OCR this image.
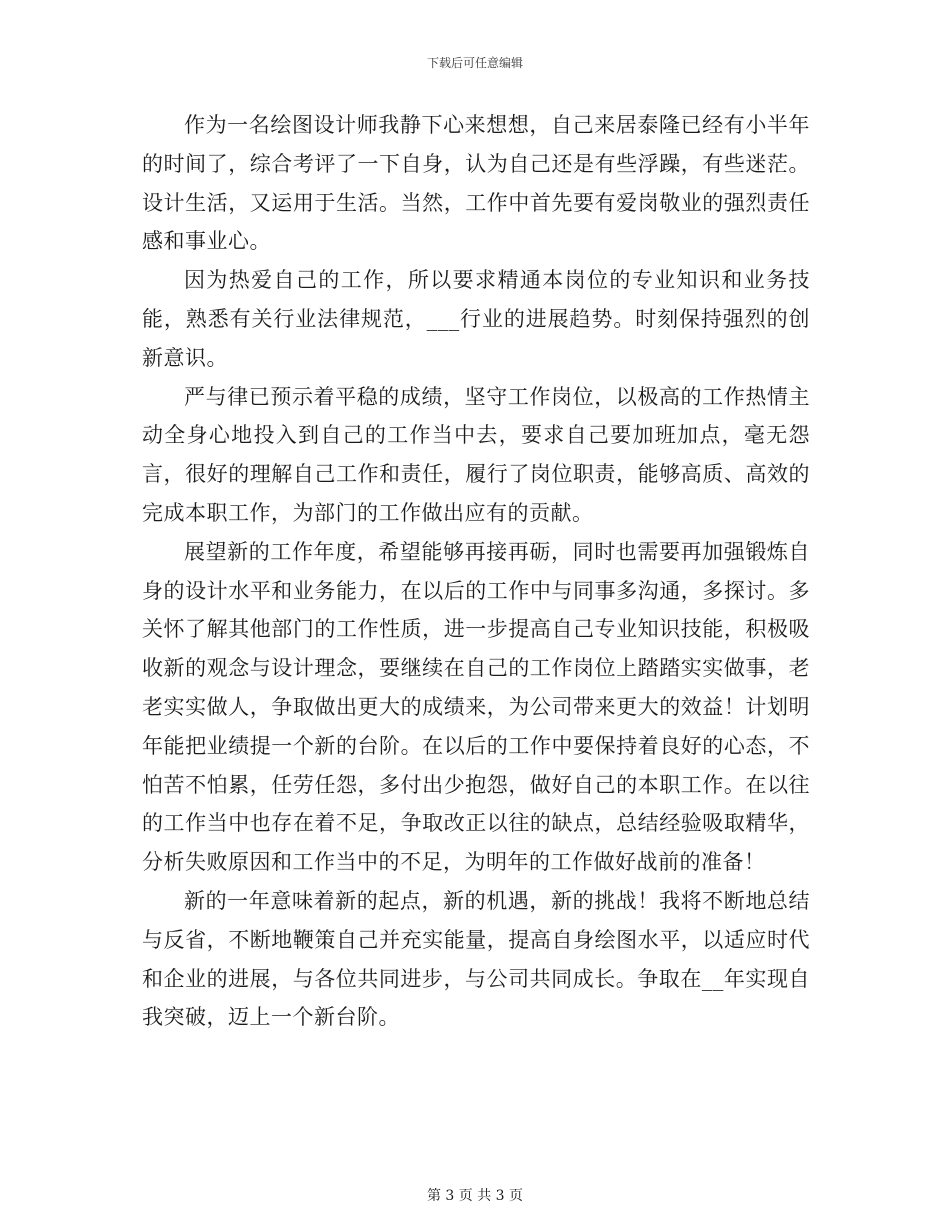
下载后可任意编辑

作为一名绘图设计师我静下心来想想，自己来居泰隆已经有小半年的时间了，综合考评了一下自身，认为自己还是有些浮躁，有些迷茫。设计生活，又运用于生活。当然，工作中首先要有爱岗敬业的强烈责任感和事业心。

因为热爱自己的工作，所以要求精通本岗位的专业知识和业务技能，熟悉有关行业法律规范，___行业的进展趋势。时刻保持强烈的创新意识。

严与律已预示着平稳的成绩，坚守工作岗位，以极高的工作热情主动全身心地投入到自己的工作当中去，要求自己要加班加点，毫无怨言，很好的理解自己工作和责任，履行了岗位职责，能够高质、高效的完成本职工作，为部门的工作做出应有的贡献。

展望新的工作年度，希望能够再接再砺，同时也需要再加强锻炼自身的设计水平和业务能力，在以后的工作中与同事多沟通，多探讨。多关怀了解其他部门的工作性质，进一步提高自己专业知识技能，积极吸收新的观念与设计理念，要继续在自己的工作岗位上踏踏实实做事，老老实实做人，争取做出更大的成绩来，为公司带来更大的效益！计划明年能把业绩提一个新的台阶。在以后的工作中要保持着良好的心态，不怕苦不怕累，任劳任怨，多付出少抱怨，做好自己的本职工作。在以往的工作当中也存在着不足，争取改正以往的缺点，总结经验吸取精华，分析失败原因和工作当中的不足，为明年的工作做好战前的准备！

新的一年意味着新的起点，新的机遇，新的挑战！我将不断地总结与反省，不断地鞭策自己并充实能量，提高自身绘图水平，以适应时代和企业的进展，与各位共同进步，与公司共同成长。争取在__年实现自我突破，迈上一个新台阶。

第 3 页 共 3 页
